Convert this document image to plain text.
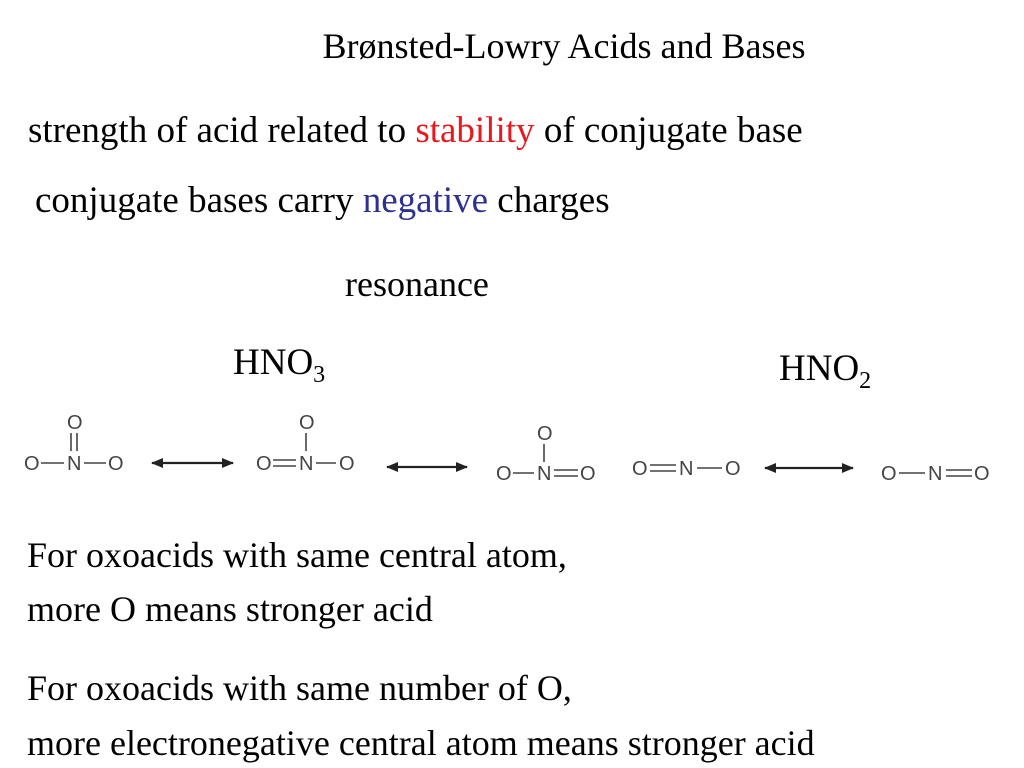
Brønsted-Lowry Acids and Bases
strength of acid related to stability of conjugate base
conjugate bases carry negative charges
resonance
$HNO_3$	$HNO_2$
O
O N O
O
O N O
O
O N O O N O	O N O
For oxoacids with same central atom,
more O means stronger acid
For oxoacids with same number of O,
more electronegative central atom means stronger acid
